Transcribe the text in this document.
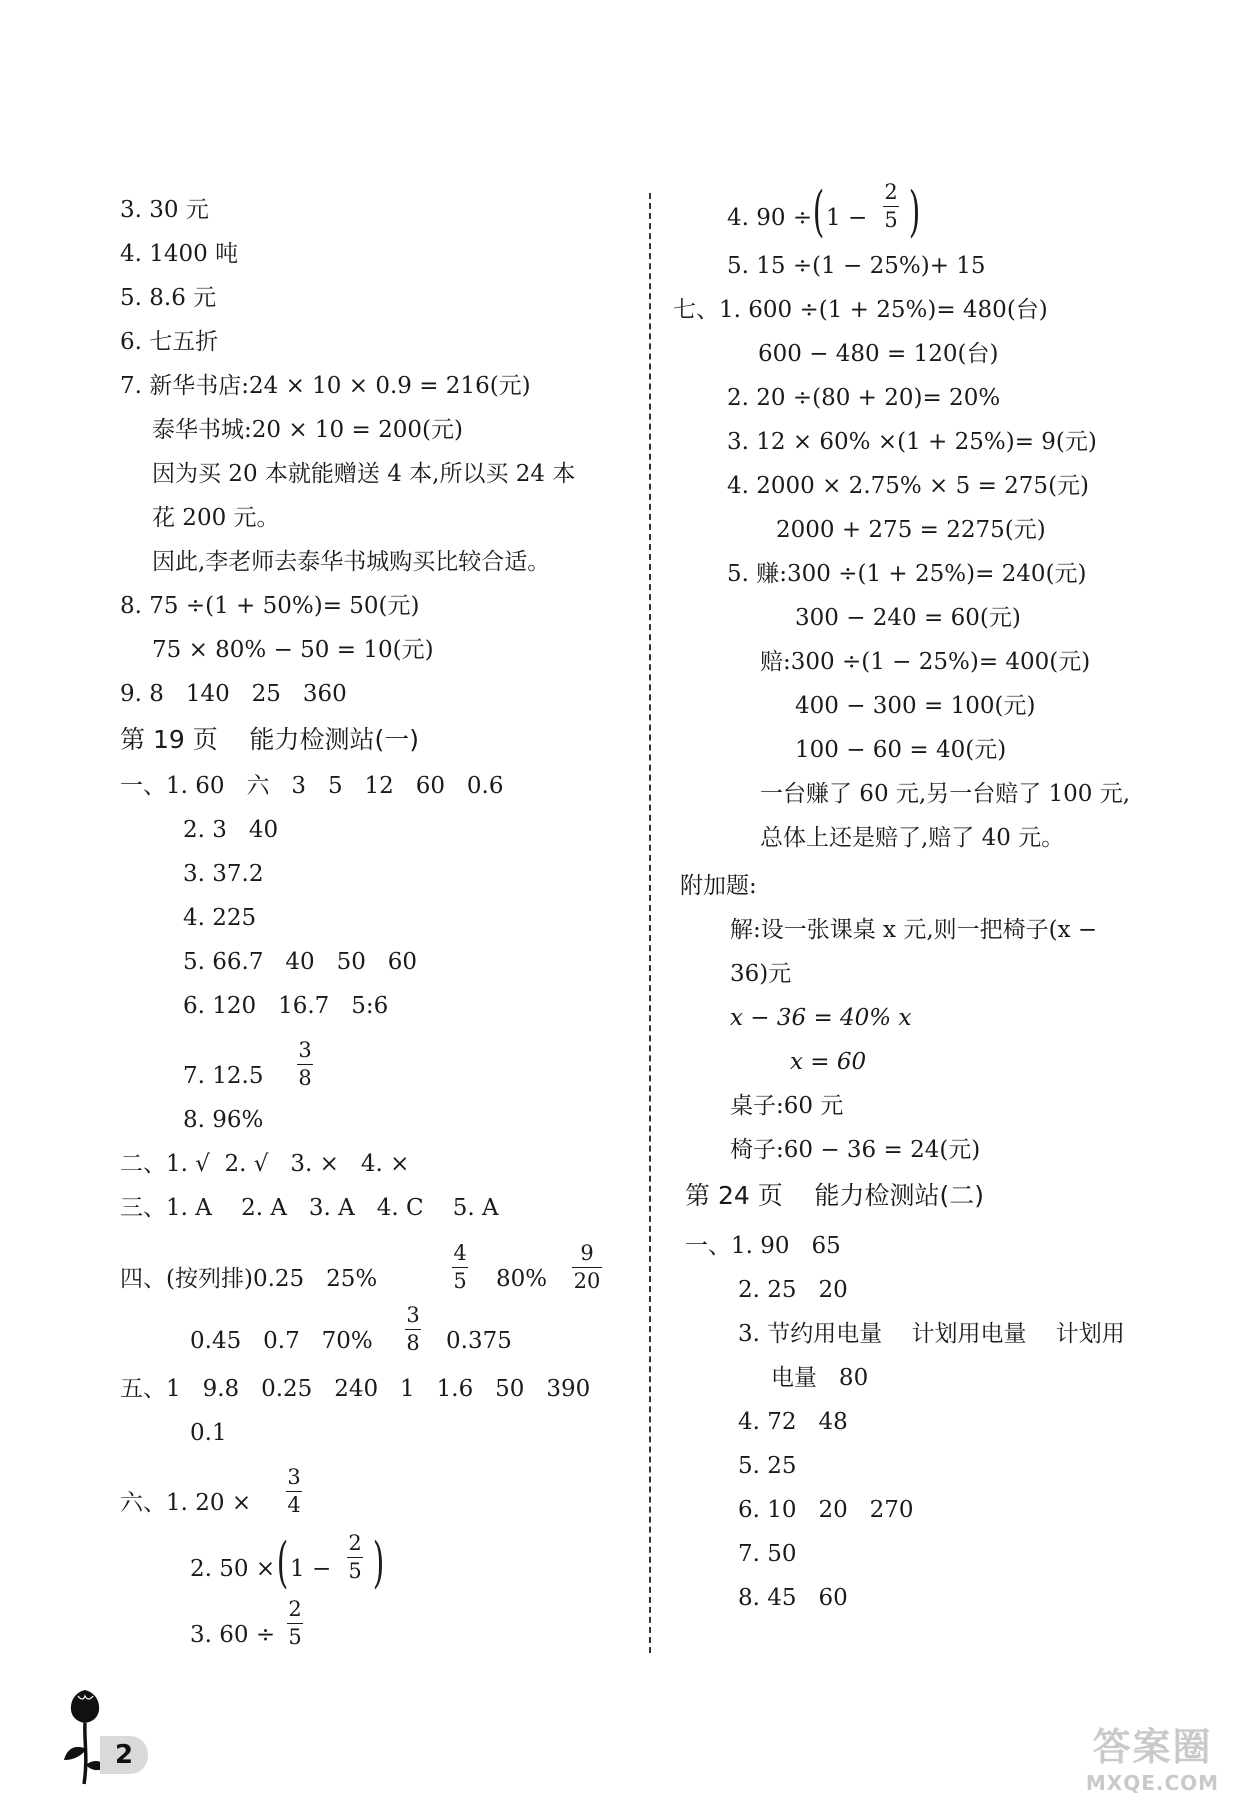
3. 30 元
4. 1400 吨
5. 8.6 元
6. 七五折
7. 新华书店:24 × 10 × 0.9 = 216(元)
泰华书城:20 × 10 = 200(元)
因为买 20 本就能赠送 4 本,所以买 24 本
花 200 元。
因此,李老师去泰华书城购买比较合适。
8. 75 ÷(1 + 50%)= 50(元)
75 × 80% − 50 = 10(元)
9. 8   140   25   360
第 19 页    能力检测站(一)
一、1. 60   六   3   5   12   60   0.6
2. 3   40
3. 37.2
4. 225
5. 66.7   40   50   60
6. 120   16.7   5:6
7. 12.5
3
8
8. 96%
二、1. √  2. √   3. ×   4. ×
三、1. A    2. A   3. A   4. C    5. A
四、(按列排)0.25   25%
4
5 80%
9
20
0.45   0.7   70%
3
8 0.375
五、1   9.8   0.25   240   1   1.6   50   390
0.1
六、1. 20 ×
3
4
2. 50 × ( 1 −
2
5 )
3. 60 ÷
2
5
4. 90 ÷ ( 1 −
2
5 )
5. 15 ÷(1 − 25%)+ 15
七、1. 600 ÷(1 + 25%)= 480(台)
600 − 480 = 120(台)
2. 20 ÷(80 + 20)= 20%
3. 12 × 60% ×(1 + 25%)= 9(元)
4. 2000 × 2.75% × 5 = 275(元)
2000 + 275 = 2275(元)
5. 赚:300 ÷(1 + 25%)= 240(元)
300 − 240 = 60(元)
赔:300 ÷(1 − 25%)= 400(元)
400 − 300 = 100(元)
100 − 60 = 40(元)
一台赚了 60 元,另一台赔了 100 元,
总体上还是赔了,赔了 40 元。
附加题:
解:设一张课桌 x 元,则一把椅子(x −
36)元
x − 36 = 40% x
x = 60
桌子:60 元
椅子:60 − 36 = 24(元)
第 24 页    能力检测站(二)
一、1. 90   65
2. 25   20
3. 节约用电量    计划用电量    计划用
电量   80
4. 72   48
5. 25
6. 10   20   270
7. 50
8. 45   60
2	答案圈
MXQE.COM
